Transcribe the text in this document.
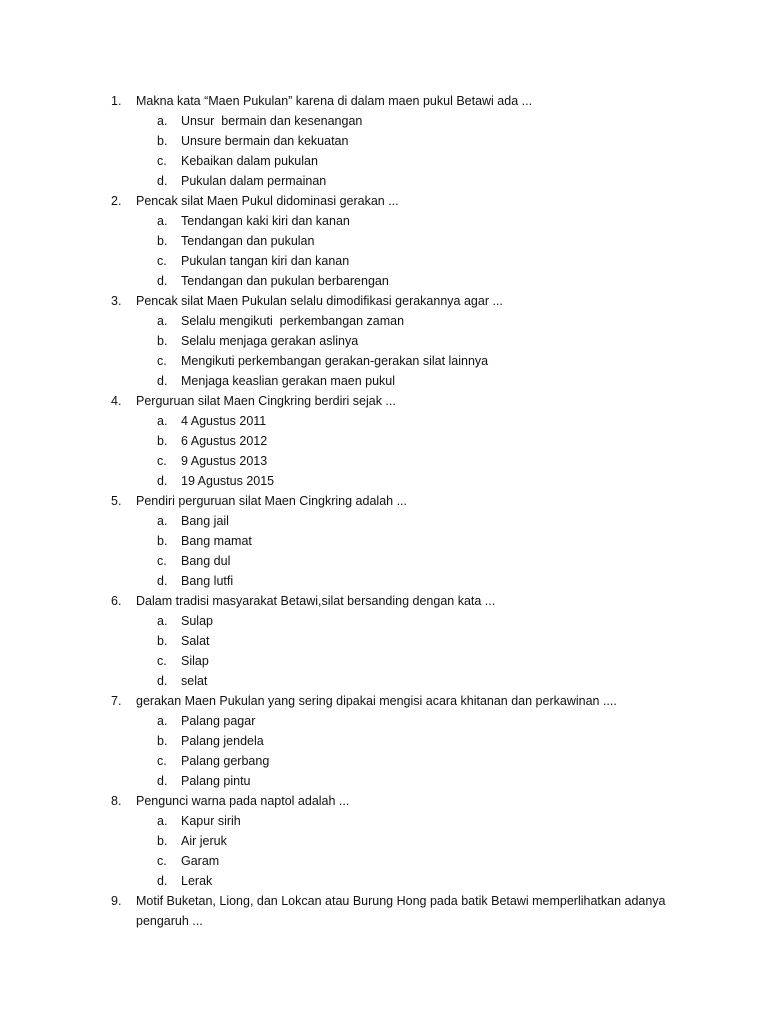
1.	Makna kata “Maen Pukulan” karena di dalam maen pukul Betawi ada ...
a. Unsur  bermain dan kesenangan
b. Unsure bermain dan kekuatan
c. Kebaikan dalam pukulan
d. Pukulan dalam permainan
2.	Pencak silat Maen Pukul didominasi gerakan ...
a. Tendangan kaki kiri dan kanan
b. Tendangan dan pukulan
c. Pukulan tangan kiri dan kanan
d. Tendangan dan pukulan berbarengan
3.	Pencak silat Maen Pukulan selalu dimodifikasi gerakannya agar ...
a. Selalu mengikuti  perkembangan zaman
b. Selalu menjaga gerakan aslinya
c. Mengikuti perkembangan gerakan-gerakan silat lainnya
d. Menjaga keaslian gerakan maen pukul
4.	Perguruan silat Maen Cingkring berdiri sejak ...
a. 4 Agustus 2011
b. 6 Agustus 2012
c. 9 Agustus 2013
d. 19 Agustus 2015
5.	Pendiri perguruan silat Maen Cingkring adalah ...
a. Bang jail
b. Bang mamat
c. Bang dul
d. Bang lutfi
6.	Dalam tradisi masyarakat Betawi,silat bersanding dengan kata ...
a. Sulap
b. Salat
c. Silap
d. selat
7.	gerakan Maen Pukulan yang sering dipakai mengisi acara khitanan dan perkawinan ....
a. Palang pagar
b. Palang jendela
c. Palang gerbang
d. Palang pintu
8.	Pengunci warna pada naptol adalah ...
a. Kapur sirih
b. Air jeruk
c. Garam
d. Lerak
9.	Motif Buketan, Liong, dan Lokcan atau Burung Hong pada batik Betawi memperlihatkan adanya pengaruh ...
